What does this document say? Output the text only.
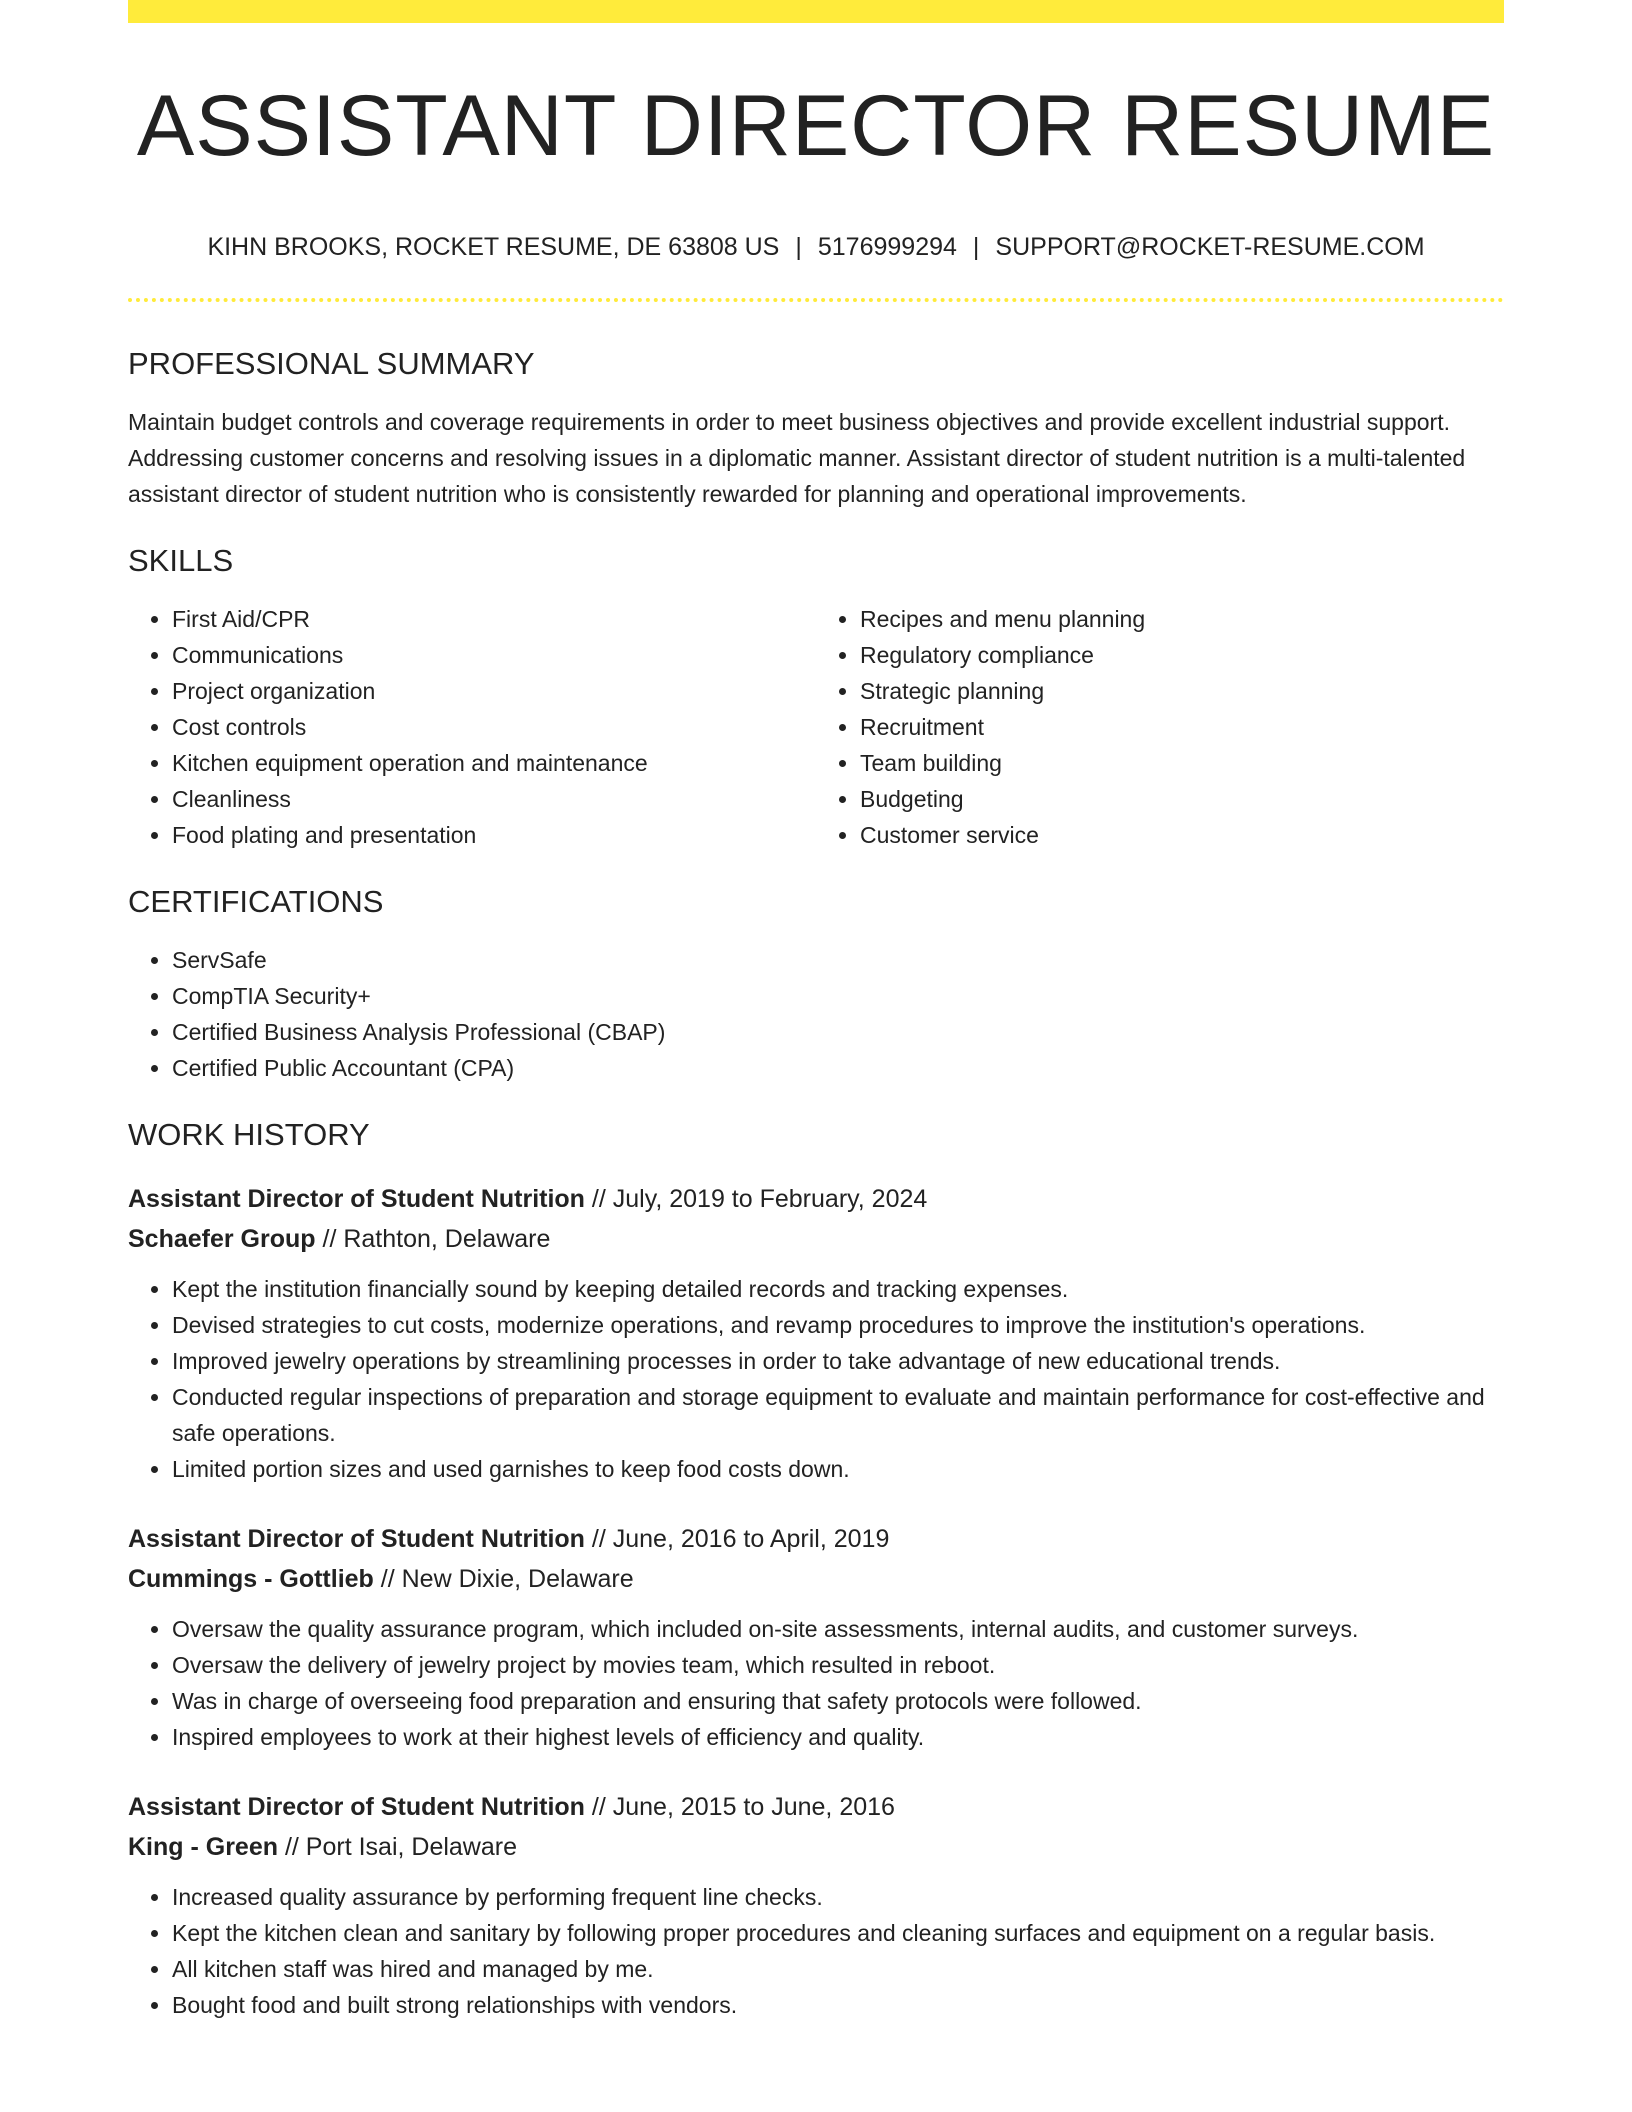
ASSISTANT DIRECTOR RESUME
KIHN BROOKS, ROCKET RESUME, DE 63808 US | 5176999294 | SUPPORT@ROCKET-RESUME.COM
PROFESSIONAL SUMMARY

Maintain budget controls and coverage requirements in order to meet business objectives and provide excellent industrial support. Addressing customer concerns and resolving issues in a diplomatic manner. Assistant director of student nutrition is a multi-talented assistant director of student nutrition who is consistently rewarded for planning and operational improvements.

SKILLS
• First Aid/CPR
• Communications
• Project organization
• Cost controls
• Kitchen equipment operation and maintenance
• Cleanliness
• Food plating and presentation
• Recipes and menu planning
• Regulatory compliance
• Strategic planning
• Recruitment
• Team building
• Budgeting
• Customer service
CERTIFICATIONS
• ServSafe
• CompTIA Security+
• Certified Business Analysis Professional (CBAP)
• Certified Public Accountant (CPA)
WORK HISTORY
Assistant Director of Student Nutrition // July, 2019 to February, 2024
Schaefer Group // Rathton, Delaware
• Kept the institution financially sound by keeping detailed records and tracking expenses.
• Devised strategies to cut costs, modernize operations, and revamp procedures to improve the institution's operations.
• Improved jewelry operations by streamlining processes in order to take advantage of new educational trends.
• Conducted regular inspections of preparation and storage equipment to evaluate and maintain performance for cost-effective and safe operations.
• Limited portion sizes and used garnishes to keep food costs down.
Assistant Director of Student Nutrition // June, 2016 to April, 2019
Cummings - Gottlieb // New Dixie, Delaware
• Oversaw the quality assurance program, which included on-site assessments, internal audits, and customer surveys.
• Oversaw the delivery of jewelry project by movies team, which resulted in reboot.
• Was in charge of overseeing food preparation and ensuring that safety protocols were followed.
• Inspired employees to work at their highest levels of efficiency and quality.
Assistant Director of Student Nutrition // June, 2015 to June, 2016
King - Green // Port Isai, Delaware
• Increased quality assurance by performing frequent line checks.
• Kept the kitchen clean and sanitary by following proper procedures and cleaning surfaces and equipment on a regular basis.
• All kitchen staff was hired and managed by me.
• Bought food and built strong relationships with vendors.
